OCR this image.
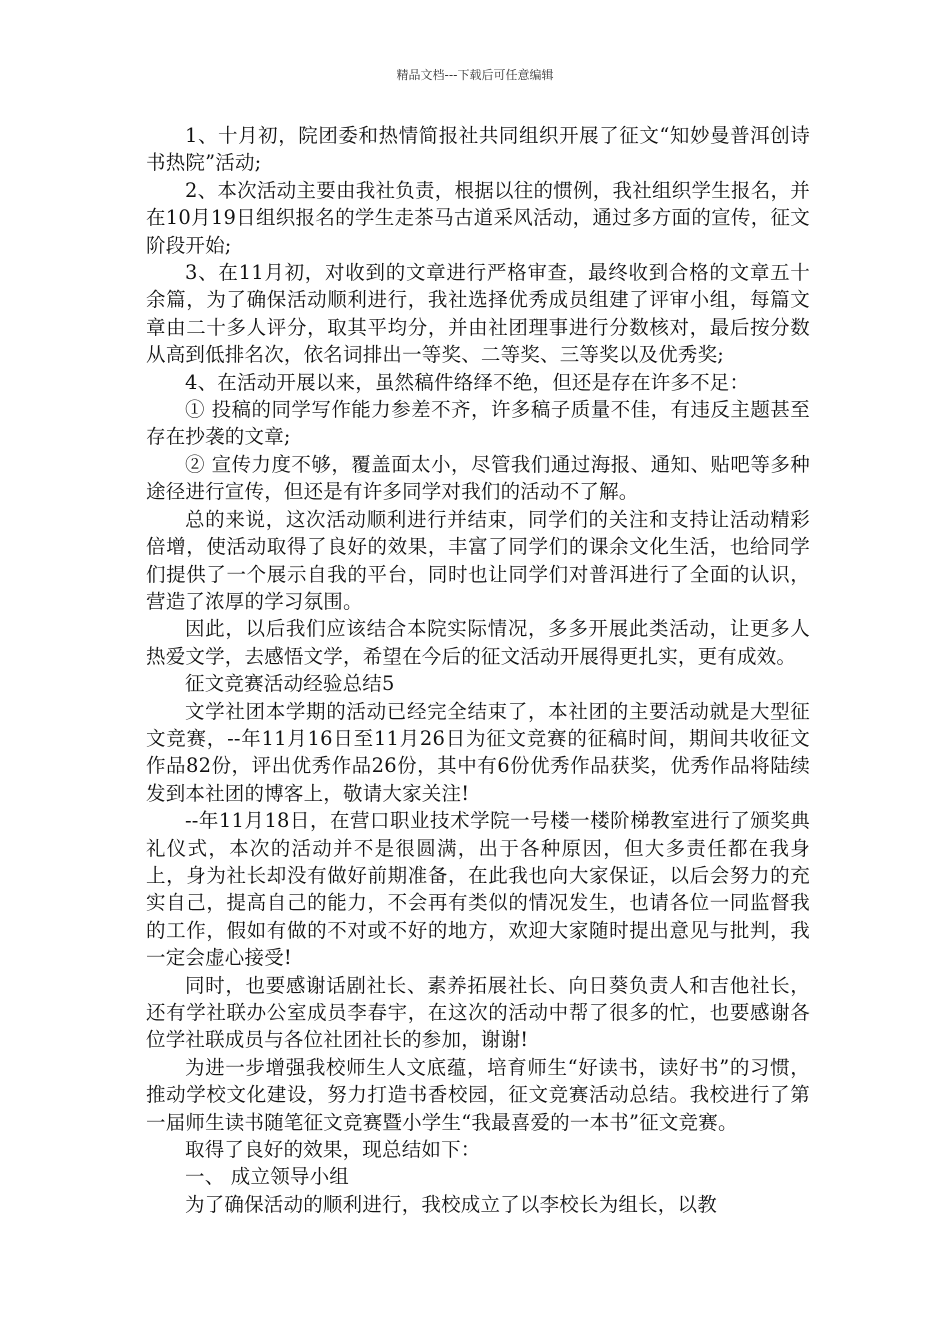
精品文档---下载后可任意编辑

1、十月初，院团委和热情简报社共同组织开展了征文“知妙曼普洱创诗书热院”活动;

2、本次活动主要由我社负责，根据以往的惯例，我社组织学生报名，并在10月19日组织报名的学生走茶马古道采风活动，通过多方面的宣传，征文阶段开始;

3、在11月初，对收到的文章进行严格审查，最终收到合格的文章五十余篇，为了确保活动顺利进行，我社选择优秀成员组建了评审小组，每篇文章由二十多人评分，取其平均分，并由社团理事进行分数核对，最后按分数从高到低排名次，依名词排出一等奖、二等奖、三等奖以及优秀奖;

4、在活动开展以来，虽然稿件络绎不绝，但还是存在许多不足：

① 投稿的同学写作能力参差不齐，许多稿子质量不佳，有违反主题甚至存在抄袭的文章;

② 宣传力度不够，覆盖面太小，尽管我们通过海报、通知、贴吧等多种途径进行宣传，但还是有许多同学对我们的活动不了解。

总的来说，这次活动顺利进行并结束，同学们的关注和支持让活动精彩倍增，使活动取得了良好的效果，丰富了同学们的课余文化生活，也给同学们提供了一个展示自我的平台，同时也让同学们对普洱进行了全面的认识，营造了浓厚的学习氛围。

因此，以后我们应该结合本院实际情况，多多开展此类活动，让更多人热爱文学，去感悟文学，希望在今后的征文活动开展得更扎实，更有成效。

征文竞赛活动经验总结5

文学社团本学期的活动已经完全结束了，本社团的主要活动就是大型征文竞赛，--年11月16日至11月26日为征文竞赛的征稿时间，期间共收征文作品82份，评出优秀作品26份，其中有6份优秀作品获奖，优秀作品将陆续发到本社团的博客上，敬请大家关注!

--年11月18日，在营口职业技术学院一号楼一楼阶梯教室进行了颁奖典礼仪式，本次的活动并不是很圆满，出于各种原因，但大多责任都在我身上，身为社长却没有做好前期准备，在此我也向大家保证，以后会努力的充实自己，提高自己的能力，不会再有类似的情况发生，也请各位一同监督我的工作，假如有做的不对或不好的地方，欢迎大家随时提出意见与批判，我一定会虚心接受!

同时，也要感谢话剧社长、素养拓展社长、向日葵负责人和吉他社长，还有学社联办公室成员李春宇，在这次的活动中帮了很多的忙，也要感谢各位学社联成员与各位社团社长的参加，谢谢!

为进一步增强我校师生人文底蕴，培育师生“好读书，读好书”的习惯，推动学校文化建设，努力打造书香校园，征文竞赛活动总结。我校进行了第一届师生读书随笔征文竞赛暨小学生“我最喜爱的一本书”征文竞赛。

取得了良好的效果，现总结如下：

一、 成立领导小组

为了确保活动的顺利进行，我校成立了以李校长为组长，以教
